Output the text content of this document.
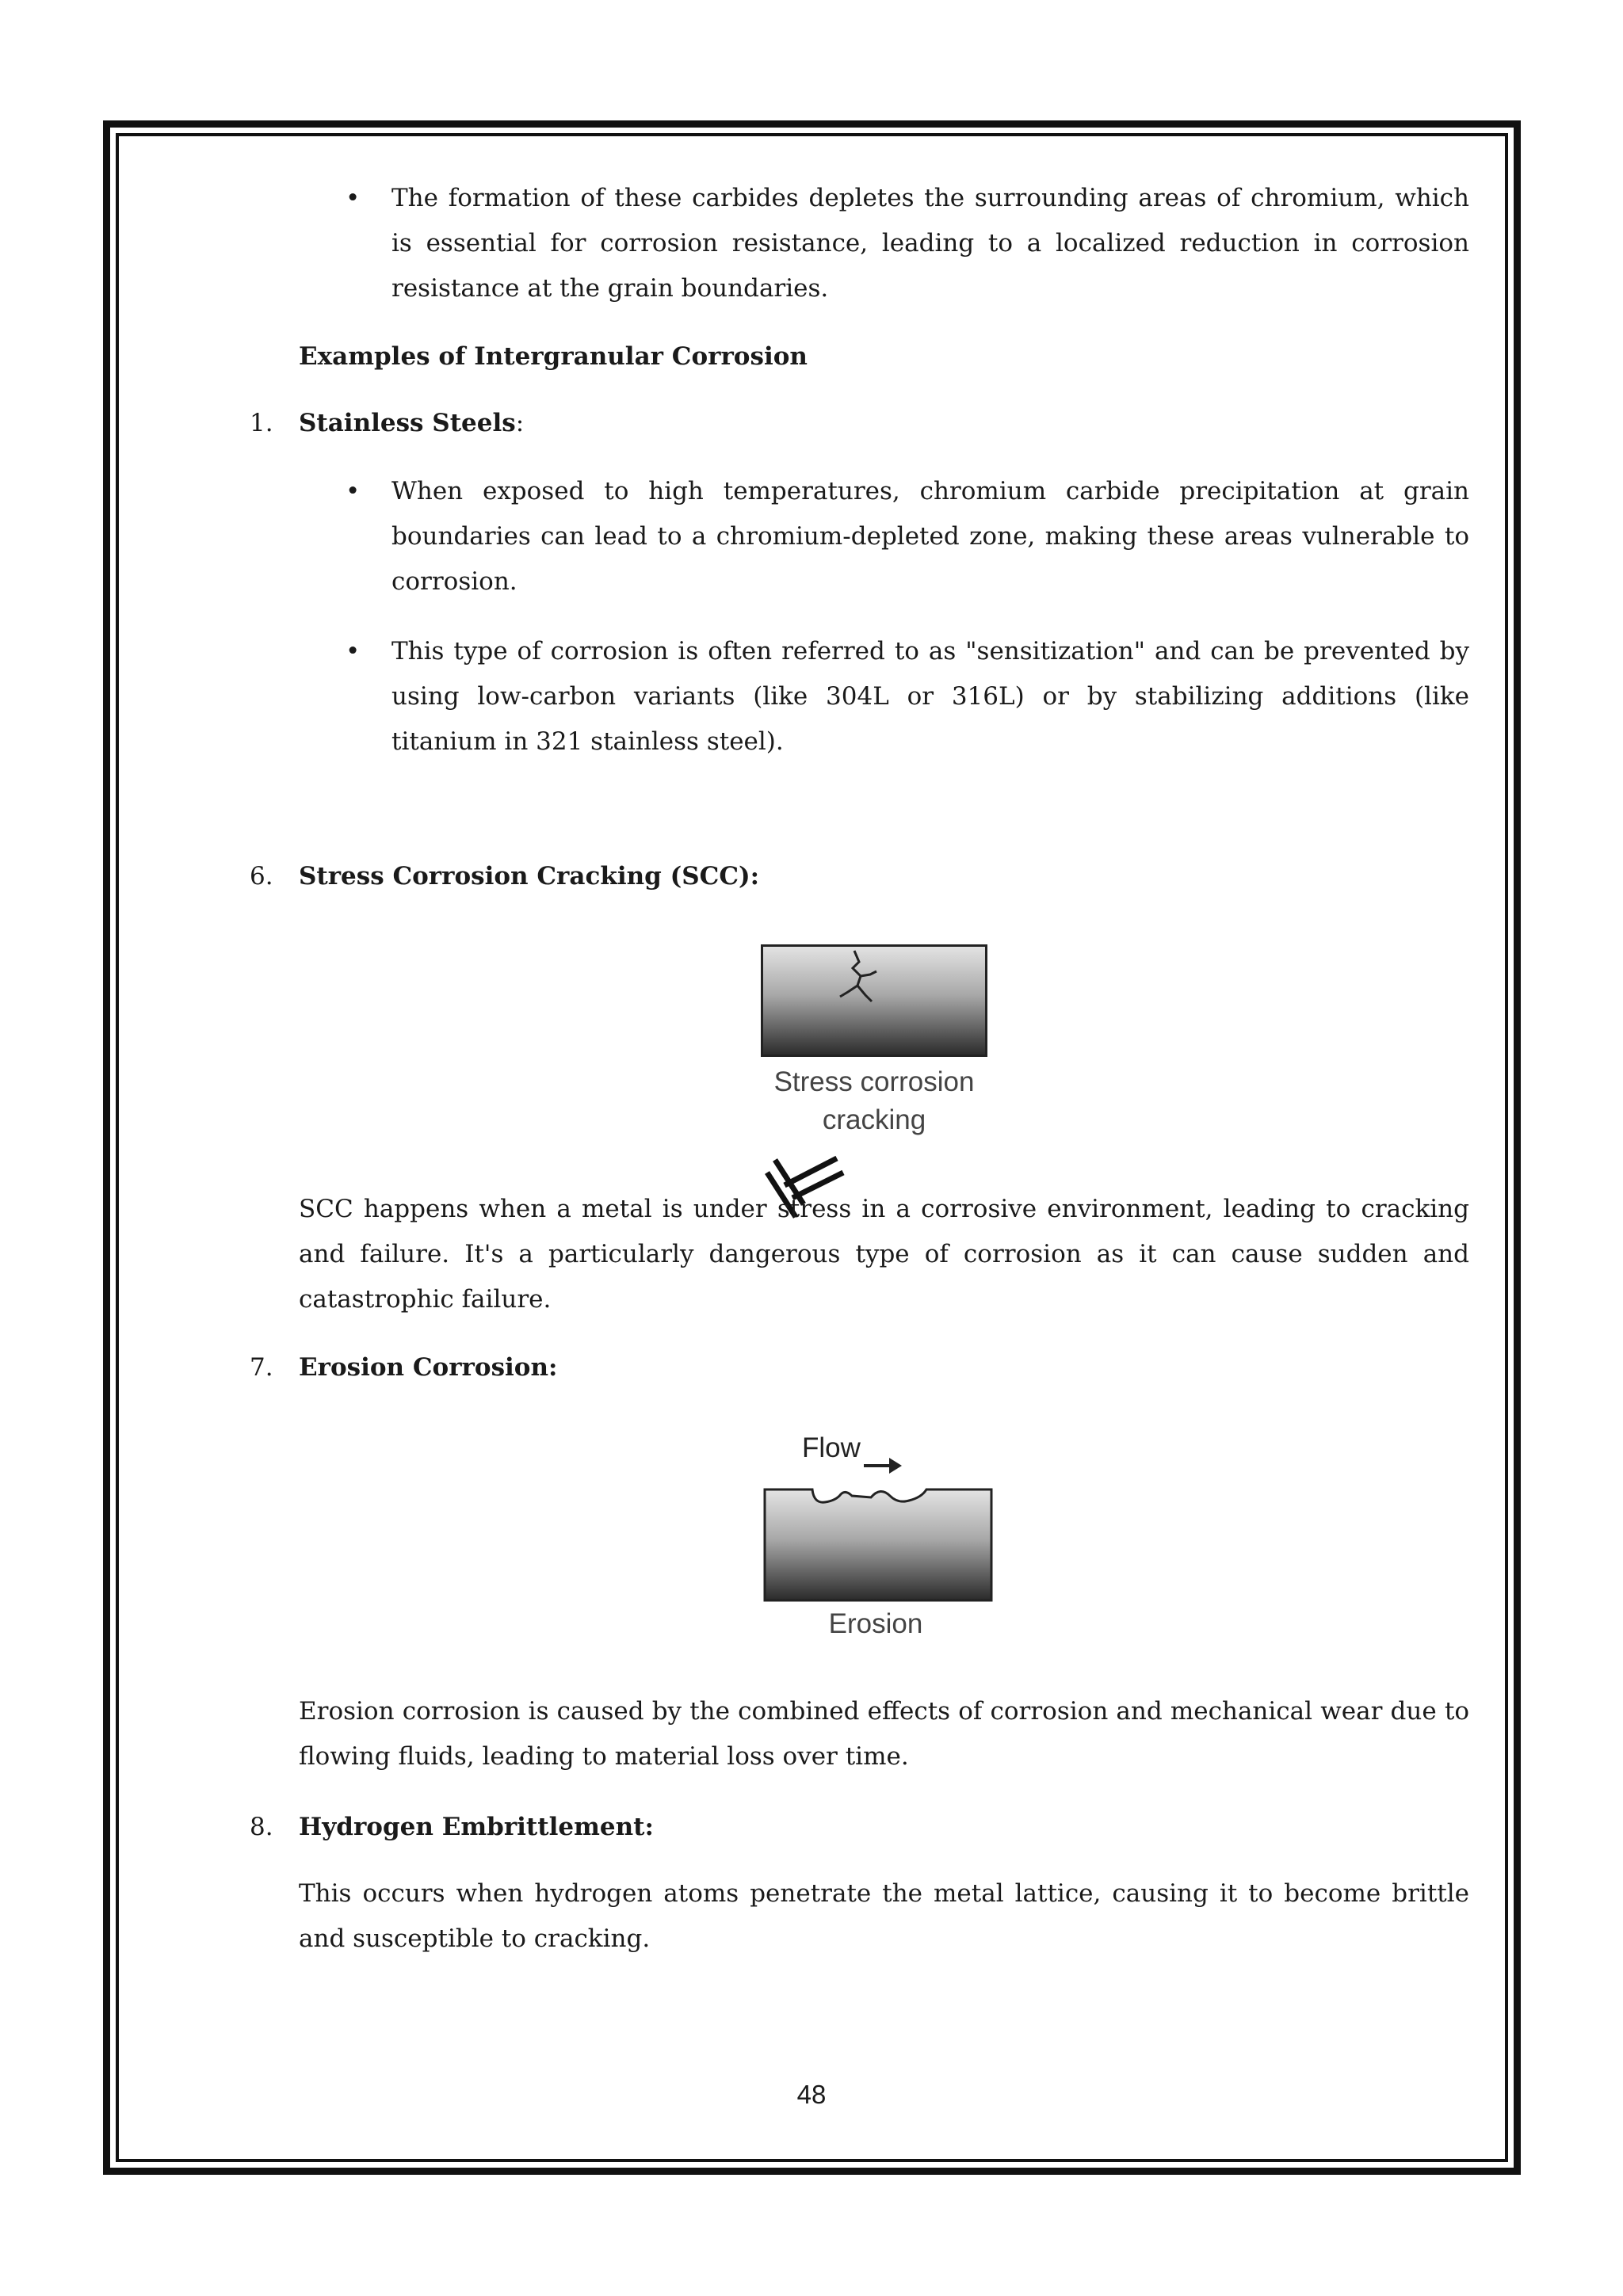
• The formation of these carbides depletes the surrounding areas of chromium, which is essential for corrosion resistance, leading to a localized reduction in corrosion resistance at the grain boundaries.

Examples of Intergranular Corrosion
1. Stainless Steels:
• When exposed to high temperatures, chromium carbide precipitation at grain boundaries can lead to a chromium-depleted zone, making these areas vulnerable to corrosion.

• This type of corrosion is often referred to as "sensitization" and can be prevented by using low-carbon variants (like 304L or 316L) or by stabilizing additions (like titanium in 321 stainless steel).

6. Stress Corrosion Cracking (SCC):
Stress corrosion
cracking

SCC happens when a metal is under stress in a corrosive environment, leading to cracking and failure. It's a particularly dangerous type of corrosion as it can cause sudden and catastrophic failure.

7. Erosion Corrosion:
Flow
Erosion

Erosion corrosion is caused by the combined effects of corrosion and mechanical wear due to flowing fluids, leading to material loss over time.

8. Hydrogen Embrittlement:

This occurs when hydrogen atoms penetrate the metal lattice, causing it to become brittle and susceptible to cracking.

48
